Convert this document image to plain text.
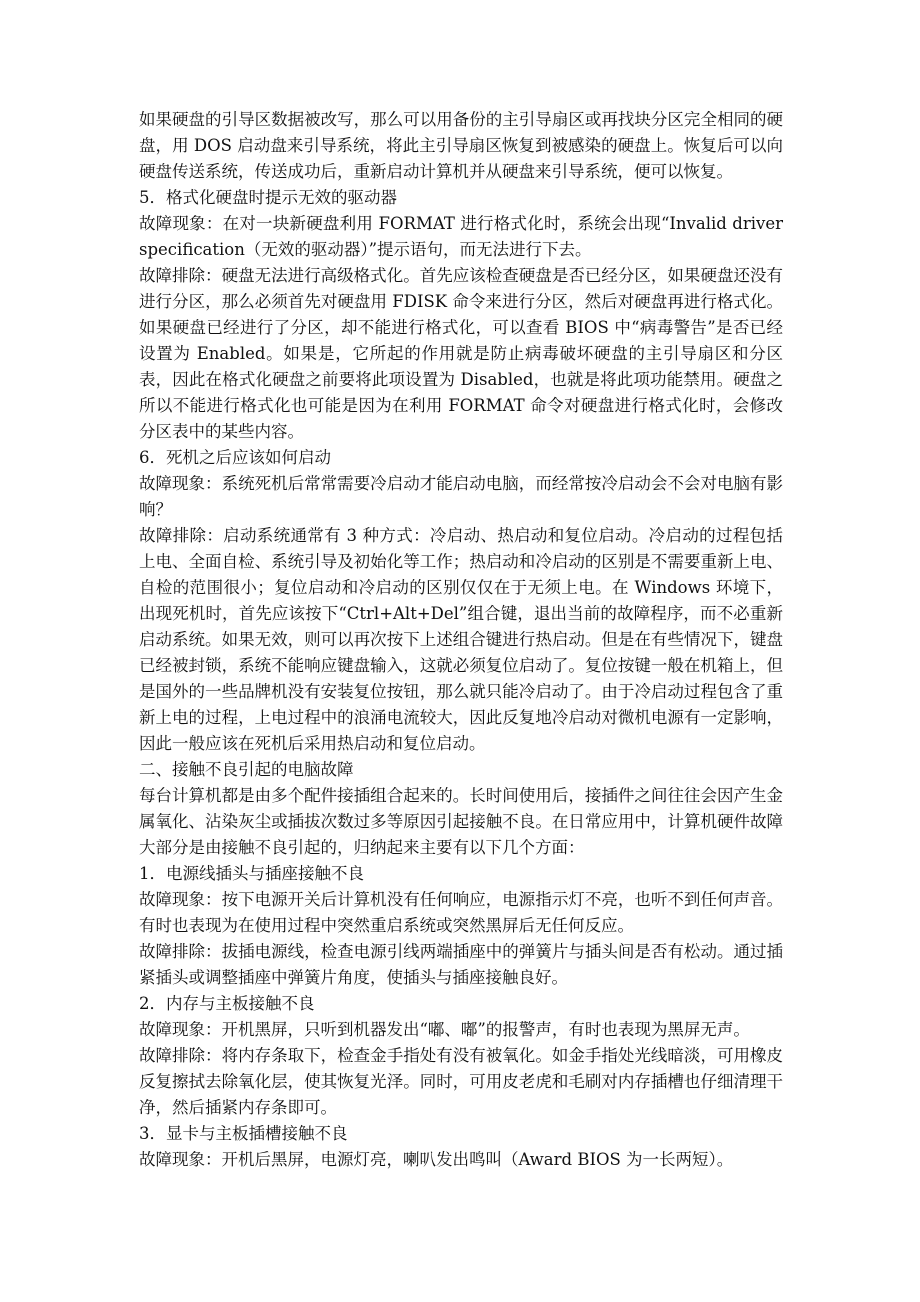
如果硬盘的引导区数据被改写，那么可以用备份的主引导扇区或再找块分区完全相同的硬盘，用 DOS 启动盘来引导系统，将此主引导扇区恢复到被感染的硬盘上。恢复后可以向硬盘传送系统，传送成功后，重新启动计算机并从硬盘来引导系统，便可以恢复。

5．格式化硬盘时提示无效的驱动器

故障现象：在对一块新硬盘利用 FORMAT 进行格式化时，系统会出现“Invalid driver specification（无效的驱动器）”提示语句，而无法进行下去。

故障排除：硬盘无法进行高级格式化。首先应该检查硬盘是否已经分区，如果硬盘还没有进行分区，那么必须首先对硬盘用 FDISK 命令来进行分区，然后对硬盘再进行格式化。如果硬盘已经进行了分区，却不能进行格式化，可以查看 BIOS 中“病毒警告”是否已经设置为 Enabled。如果是，它所起的作用就是防止病毒破坏硬盘的主引导扇区和分区表，因此在格式化硬盘之前要将此项设置为 Disabled，也就是将此项功能禁用。硬盘之所以不能进行格式化也可能是因为在利用 FORMAT 命令对硬盘进行格式化时，会修改分区表中的某些内容。

6．死机之后应该如何启动

故障现象：系统死机后常常需要冷启动才能启动电脑，而经常按冷启动会不会对电脑有影响？

故障排除：启动系统通常有 3 种方式：冷启动、热启动和复位启动。冷启动的过程包括上电、全面自检、系统引导及初始化等工作；热启动和冷启动的区别是不需要重新上电、自检的范围很小；复位启动和冷启动的区别仅仅在于无须上电。在 Windows 环境下，出现死机时，首先应该按下“Ctrl+Alt+Del”组合键，退出当前的故障程序，而不必重新启动系统。如果无效，则可以再次按下上述组合键进行热启动。但是在有些情况下，键盘已经被封锁，系统不能响应键盘输入，这就必须复位启动了。复位按键一般在机箱上，但是国外的一些品牌机没有安装复位按钮，那么就只能冷启动了。由于冷启动过程包含了重新上电的过程，上电过程中的浪涌电流较大，因此反复地冷启动对微机电源有一定影响，因此一般应该在死机后采用热启动和复位启动。

二、接触不良引起的电脑故障

每台计算机都是由多个配件接插组合起来的。长时间使用后，接插件之间往往会因产生金属氧化、沾染灰尘或插拔次数过多等原因引起接触不良。在日常应用中，计算机硬件故障大部分是由接触不良引起的，归纳起来主要有以下几个方面：

1．电源线插头与插座接触不良

故障现象：按下电源开关后计算机没有任何响应，电源指示灯不亮，也听不到任何声音。有时也表现为在使用过程中突然重启系统或突然黑屏后无任何反应。

故障排除：拔插电源线，检查电源引线两端插座中的弹簧片与插头间是否有松动。通过插紧插头或调整插座中弹簧片角度，使插头与插座接触良好。

2．内存与主板接触不良

故障现象：开机黑屏，只听到机器发出“嘟、嘟”的报警声，有时也表现为黑屏无声。

故障排除：将内存条取下，检查金手指处有没有被氧化。如金手指处光线暗淡，可用橡皮反复擦拭去除氧化层，使其恢复光泽。同时，可用皮老虎和毛刷对内存插槽也仔细清理干净，然后插紧内存条即可。

3．显卡与主板插槽接触不良

故障现象：开机后黑屏，电源灯亮，喇叭发出鸣叫（Award BIOS 为一长两短）。
